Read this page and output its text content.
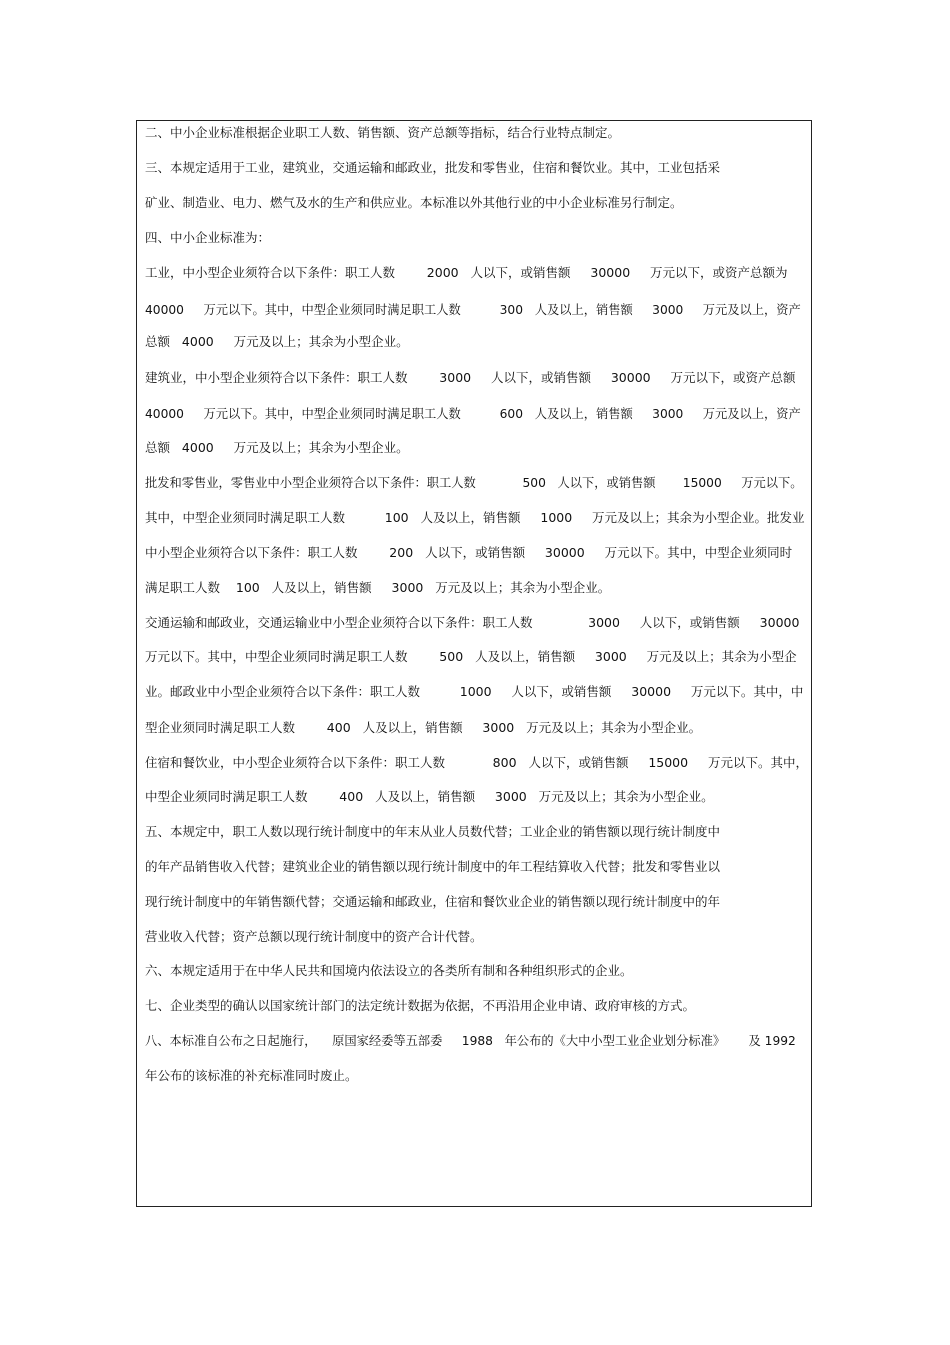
二、中小企业标准根据企业职工人数、销售额、资产总额等指标，结合行业特点制定。
三、本规定适用于工业，建筑业，交通运输和邮政业，批发和零售业，住宿和餐饮业。其中，工业包括采
矿业、制造业、电力、燃气及水的生产和供应业。本标准以外其他行业的中小企业标准另行制定。
四、中小企业标准为：
工业，中小型企业须符合以下条件：职工人数        2000   人以下，或销售额     30000     万元以下，或资产总额为
40000     万元以下。其中，中型企业须同时满足职工人数          300   人及以上，销售额     3000     万元及以上，资产
总额   4000     万元及以上；其余为小型企业。
建筑业，中小型企业须符合以下条件：职工人数        3000     人以下，或销售额     30000     万元以下，或资产总额
40000     万元以下。其中，中型企业须同时满足职工人数          600   人及以上，销售额     3000     万元及以上，资产
总额   4000     万元及以上；其余为小型企业。
批发和零售业，零售业中小型企业须符合以下条件：职工人数            500   人以下，或销售额       15000     万元以下。
其中，中型企业须同时满足职工人数          100   人及以上，销售额     1000     万元及以上；其余为小型企业。批发业
中小型企业须符合以下条件：职工人数        200   人以下，或销售额     30000     万元以下。其中，中型企业须同时
满足职工人数    100   人及以上，销售额     3000   万元及以上；其余为小型企业。
交通运输和邮政业，交通运输业中小型企业须符合以下条件：职工人数              3000     人以下，或销售额     30000
万元以下。其中，中型企业须同时满足职工人数        500   人及以上，销售额     3000     万元及以上；其余为小型企
业。邮政业中小型企业须符合以下条件：职工人数          1000     人以下，或销售额     30000     万元以下。其中，中
型企业须同时满足职工人数        400   人及以上，销售额     3000   万元及以上；其余为小型企业。
住宿和餐饮业，中小型企业须符合以下条件：职工人数            800   人以下，或销售额     15000     万元以下。其中，
中型企业须同时满足职工人数        400   人及以上，销售额     3000   万元及以上；其余为小型企业。
五、本规定中，职工人数以现行统计制度中的年末从业人员数代替；工业企业的销售额以现行统计制度中
的年产品销售收入代替；建筑业企业的销售额以现行统计制度中的年工程结算收入代替；批发和零售业以
现行统计制度中的年销售额代替；交通运输和邮政业，住宿和餐饮业企业的销售额以现行统计制度中的年
营业收入代替；资产总额以现行统计制度中的资产合计代替。
六、本规定适用于在中华人民共和国境内依法设立的各类所有制和各种组织形式的企业。
七、企业类型的确认以国家统计部门的法定统计数据为依据，不再沿用企业申请、政府审核的方式。
八、本标准自公布之日起施行，    原国家经委等五部委     1988   年公布的《大中小型工业企业划分标准》      及 1992
年公布的该标准的补充标准同时废止。
